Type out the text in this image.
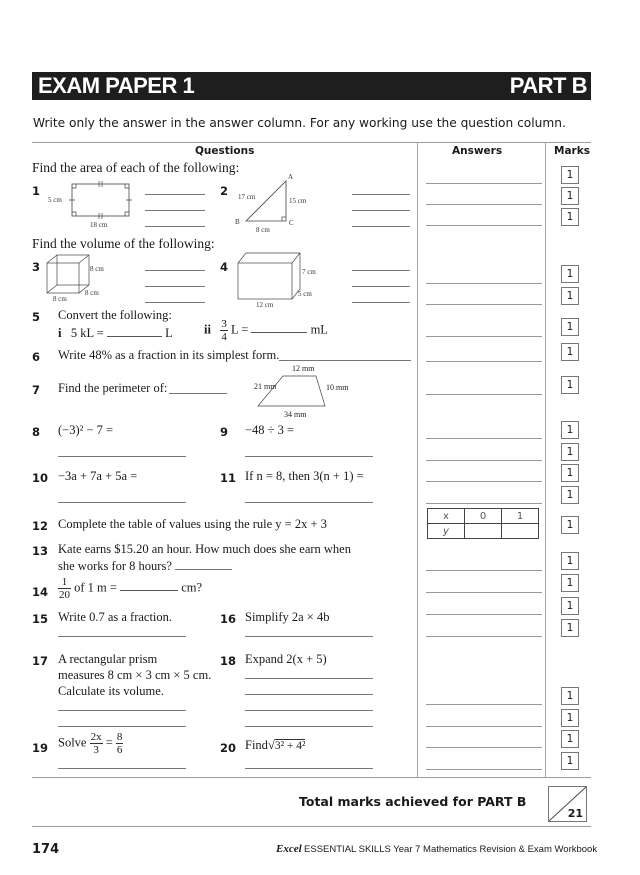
EXAM PAPER 1	PART B
Write only the answer in the answer column. For any working use the question column.
Questions	Answers	Marks
Find the area of each of the following:
1
5 cm
18 cm
2
A
B	C
17 cm	15 cm
8 cm
Find the volume of the following:
3	8 cm
8 cm
8 cm
4	7 cm
5 cm
12 cm
5 Convert the following:
i 5 kL =	L	ii $\frac{3}{4}$ L =	mL
6 Write 48% as a fraction in its simplest form.
7 Find the perimeter of:
12 mm
21 mm	10 mm
34 mm
8 (−3)² − 7 =	9 −48 ÷ 3 =
10 −3a + 7a + 5a =	11 If n = 8, then 3(n + 1) =
12 Complete the table of values using the rule y = 2x + 3
13 Kate earns $15.20 an hour. How much does she earn when
she works for 8 hours?
$14 \frac{1}{20}$ of 1 m =	cm?
15 Write 0.7 as a fraction.	16 Simplify 2a × 4b
17 A rectangular prism
measures 8 cm × 3 cm × 5 cm.
Calculate its volume.
18 Expand 2(x + 5)
19 Solve $\frac{2x}{3} = \frac{8}{6}$	20 Find√3² + 4²
x	0	1
y		
1
1
1
1
1
1
1
1
1
1
1
1
1
1
1
1
1
1
1
1
1
Total marks achieved for PART B
21
174	Excel ESSENTIAL SKILLS Year 7 Mathematics Revision & Exam Workbook
